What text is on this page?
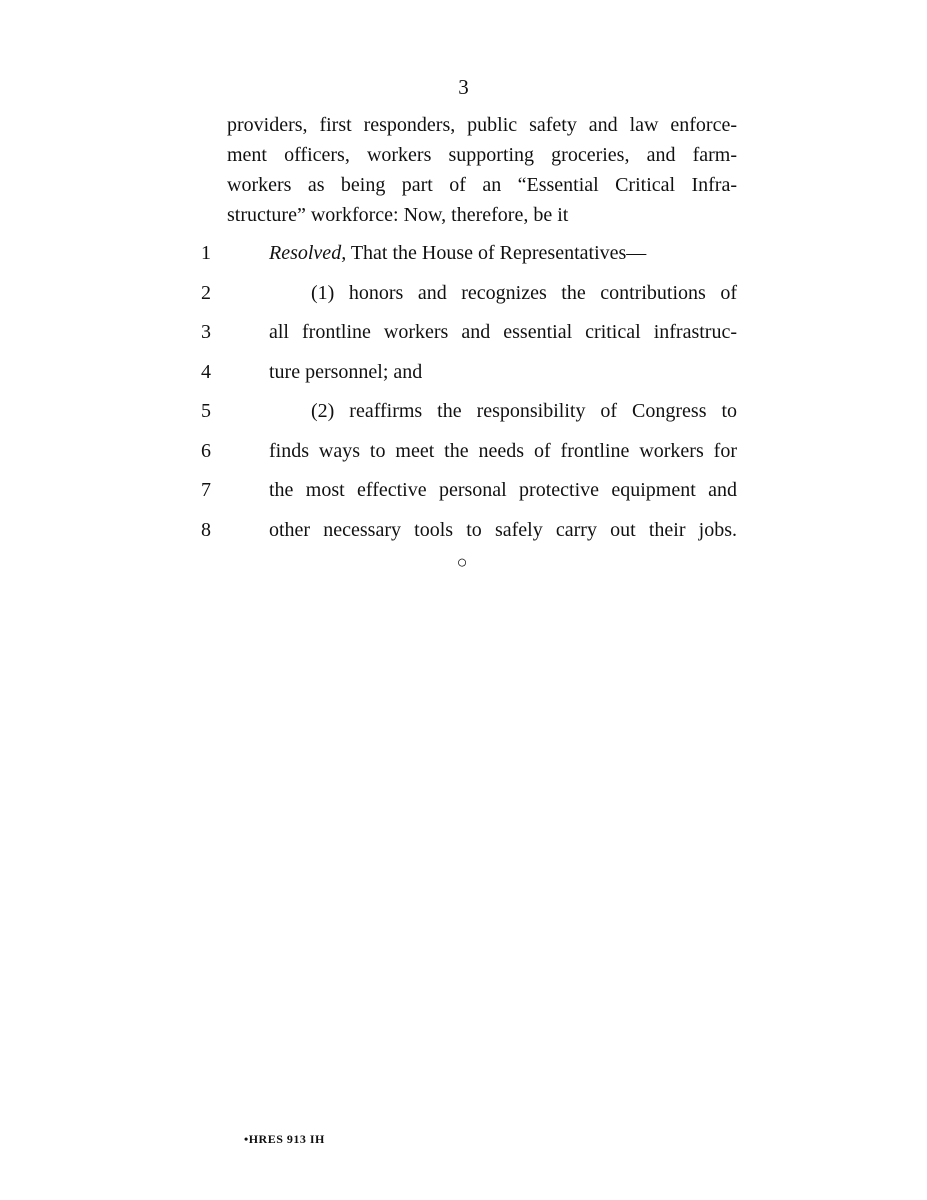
3
providers, first responders, public safety and law enforce-
ment officers, workers supporting groceries, and farm-
workers as being part of an “Essential Critical Infra-
structure” workforce: Now, therefore, be it
1	Resolved, That the House of Representatives—
2	(1) honors and recognizes the contributions of
3	all frontline workers and essential critical infrastruc-
4	ture personnel; and
5	(2) reaffirms the responsibility of Congress to
6	finds ways to meet the needs of frontline workers for
7	the most effective personal protective equipment and
8	other necessary tools to safely carry out their jobs.
○
•HRES 913 IH
